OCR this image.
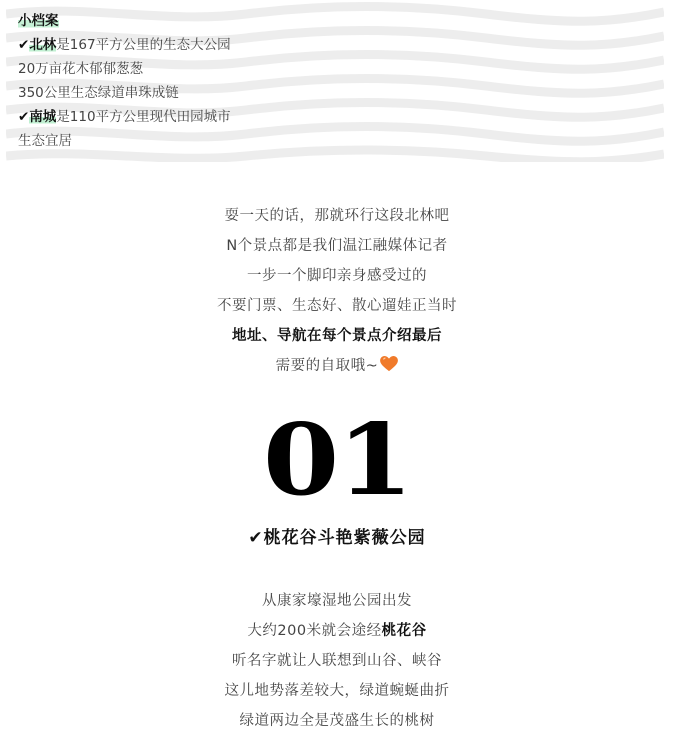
小档案
✔北林是167平方公里的生态大公园
20万亩花木郁郁葱葱
350公里生态绿道串珠成链
✔南城是110平方公里现代田园城市
生态宜居
耍一天的话，那就环行这段北林吧
N个景点都是我们温江融媒体记者
一步一个脚印亲身感受过的
不要门票、生态好、散心遛娃正当时
地址、导航在每个景点介绍最后
需要的自取哦~
01
✔桃花谷斗艳紫薇公园
从康家壕湿地公园出发
大约200米就会途经桃花谷
听名字就让人联想到山谷、峡谷
这儿地势落差较大，绿道蜿蜒曲折
绿道两边全是茂盛生长的桃树
